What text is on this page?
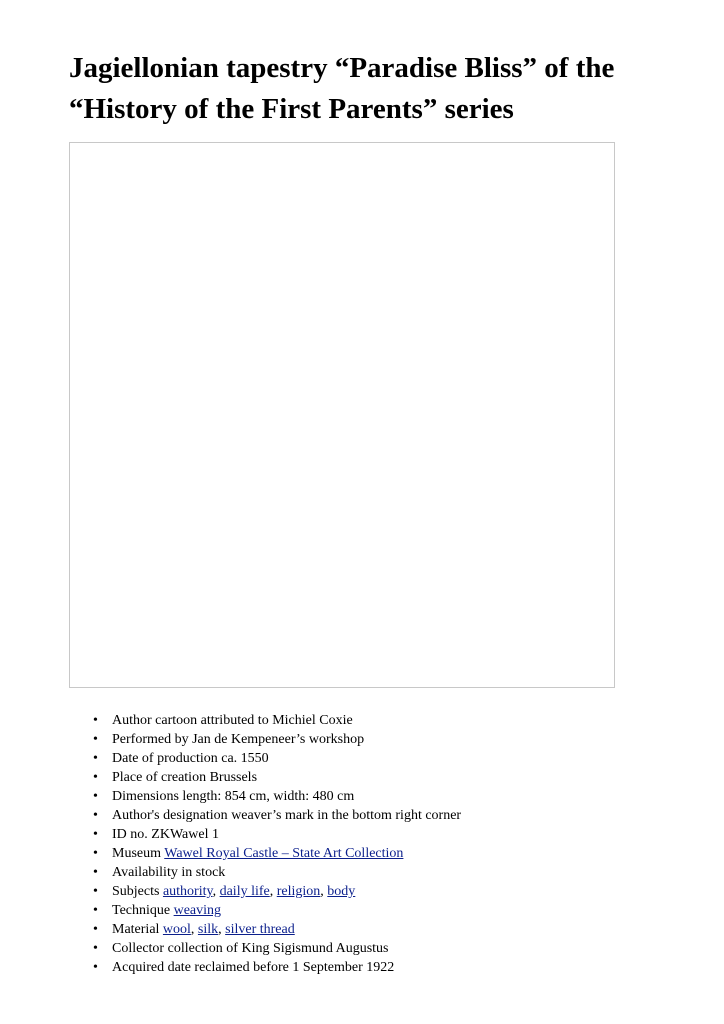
Jagiellonian tapestry “Paradise Bliss” of the “History of the First Parents” series
• Author cartoon attributed to Michiel Coxie
• Performed by Jan de Kempeneer’s workshop
• Date of production ca. 1550
• Place of creation Brussels
• Dimensions length: 854 cm, width: 480 cm
• Author's designation weaver’s mark in the bottom right corner
• ID no. ZKWawel 1
• Museum Wawel Royal Castle – State Art Collection
• Availability in stock
• Subjects authority, daily life, religion, body
• Technique weaving
• Material wool, silk, silver thread
• Collector collection of King Sigismund Augustus
• Acquired date reclaimed before 1 September 1922
